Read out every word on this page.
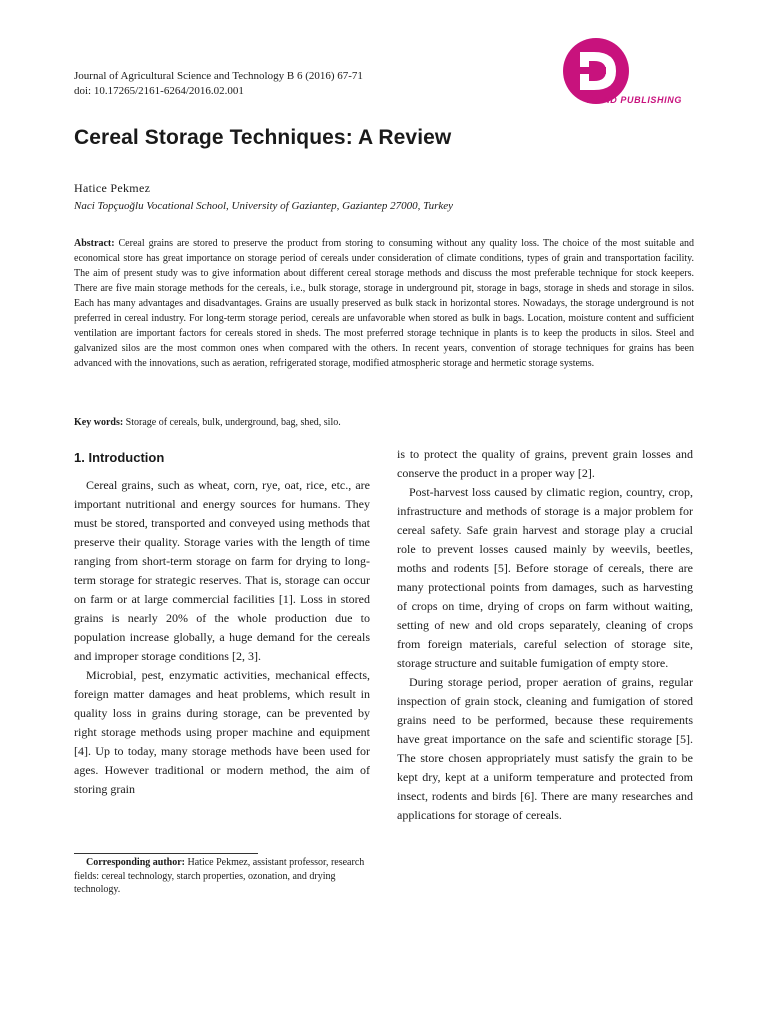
Journal of Agricultural Science and Technology B 6 (2016) 67-71
doi: 10.17265/2161-6264/2016.02.001
DAVID PUBLISHING
Cereal Storage Techniques: A Review
Hatice Pekmez
Naci Topçuoğlu Vocational School, University of Gaziantep, Gaziantep 27000, Turkey

Abstract: Cereal grains are stored to preserve the product from storing to consuming without any quality loss. The choice of the most suitable and economical store has great importance on storage period of cereals under consideration of climate conditions, types of grain and transportation facility. The aim of present study was to give information about different cereal storage methods and discuss the most preferable technique for stock keepers. There are five main storage methods for the cereals, i.e., bulk storage, storage in underground pit, storage in bags, storage in sheds and storage in silos. Each has many advantages and disadvantages. Grains are usually preserved as bulk stack in horizontal stores. Nowadays, the storage underground is not preferred in cereal industry. For long-term storage period, cereals are unfavorable when stored as bulk in bags. Location, moisture content and sufficient ventilation are important factors for cereals stored in sheds. The most preferred storage technique in plants is to keep the products in silos. Steel and galvanized silos are the most common ones when compared with the others. In recent years, convention of storage techniques for grains has been advanced with the innovations, such as aeration, refrigerated storage, modified atmospheric storage and hermetic storage systems.

Key words: Storage of cereals, bulk, underground, bag, shed, silo.
1. Introduction

Cereal grains, such as wheat, corn, rye, oat, rice, etc., are important nutritional and energy sources for humans. They must be stored, transported and conveyed using methods that preserve their quality. Storage varies with the length of time ranging from short-term storage on farm for drying to long-term storage for strategic reserves. That is, storage can occur on farm or at large commercial facilities [1]. Loss in stored grains is nearly 20% of the whole production due to population increase globally, a huge demand for the cereals and improper storage conditions [2, 3].

Microbial, pest, enzymatic activities, mechanical effects, foreign matter damages and heat problems, which result in quality loss in grains during storage, can be prevented by right storage methods using proper machine and equipment [4]. Up to today, many storage methods have been used for ages. However traditional or modern method, the aim of storing grain

is to protect the quality of grains, prevent grain losses and conserve the product in a proper way [2].

Post-harvest loss caused by climatic region, country, crop, infrastructure and methods of storage is a major problem for cereal safety. Safe grain harvest and storage play a crucial role to prevent losses caused mainly by weevils, beetles, moths and rodents [5]. Before storage of cereals, there are many protectional points from damages, such as harvesting of crops on time, drying of crops on farm without waiting, setting of new and old crops separately, cleaning of crops from foreign materials, careful selection of storage site, storage structure and suitable fumigation of empty store.

During storage period, proper aeration of grains, regular inspection of grain stock, cleaning and fumigation of stored grains need to be performed, because these requirements have great importance on the safe and scientific storage [5]. The store chosen appropriately must satisfy the grain to be kept dry, kept at a uniform temperature and protected from insect, rodents and birds [6]. There are many researches and applications for storage of cereals.

Corresponding author: Hatice Pekmez, assistant professor, research fields: cereal technology, starch properties, ozonation, and drying technology.
